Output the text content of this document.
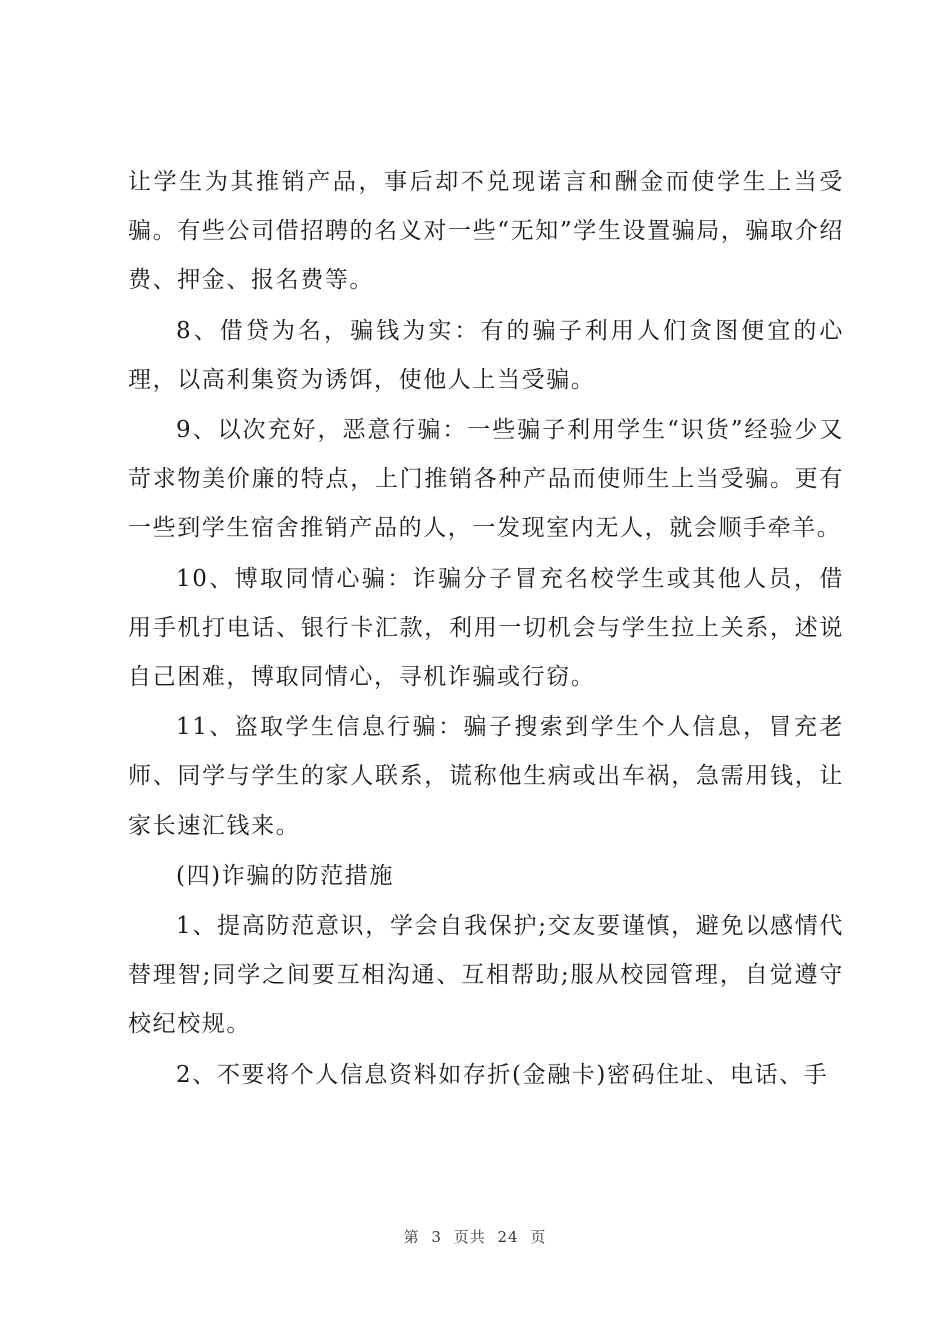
让学生为其推销产品，事后却不兑现诺言和酬金而使学生上当受骗。有些公司借招聘的名义对一些“无知”学生设置骗局，骗取介绍费、押金、报名费等。

8、借贷为名，骗钱为实：有的骗子利用人们贪图便宜的心理，以高利集资为诱饵，使他人上当受骗。

9、以次充好，恶意行骗：一些骗子利用学生“识货”经验少又苛求物美价廉的特点，上门推销各种产品而使师生上当受骗。更有一些到学生宿舍推销产品的人，一发现室内无人，就会顺手牵羊。

10、博取同情心骗：诈骗分子冒充名校学生或其他人员，借用手机打电话、银行卡汇款，利用一切机会与学生拉上关系，述说自己困难，博取同情心，寻机诈骗或行窃。

11、盗取学生信息行骗：骗子搜索到学生个人信息，冒充老师、同学与学生的家人联系，谎称他生病或出车祸，急需用钱，让家长速汇钱来。

(四)诈骗的防范措施

1、提高防范意识，学会自我保护;交友要谨慎，避免以感情代替理智;同学之间要互相沟通、互相帮助;服从校园管理，自觉遵守校纪校规。

2、不要将个人信息资料如存折(金融卡)密码住址、电话、手

第 3 页共 24 页
